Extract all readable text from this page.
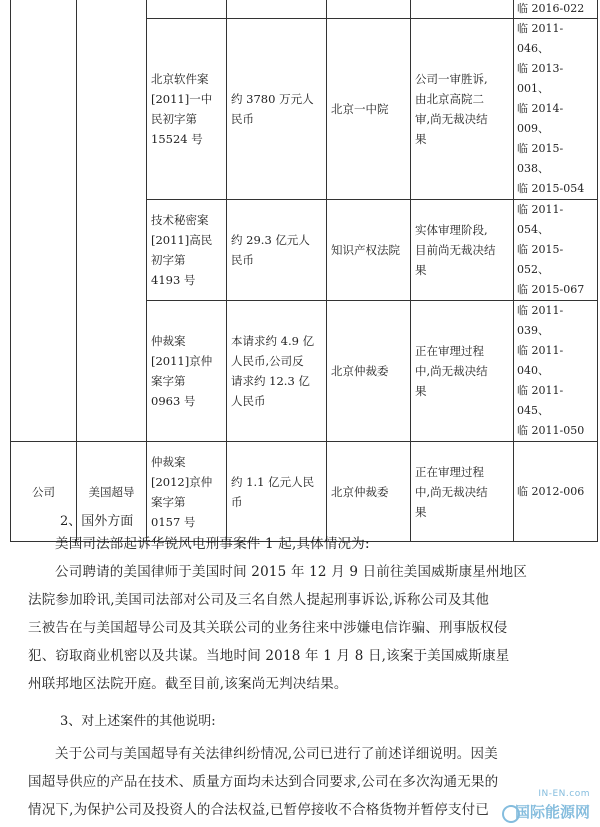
						临 2016-022

		北京软件案
[2011]一中
民初字第
15524 号	约 3780 万元人
民币	北京一中院	公司一审胜诉,
由北京高院二
审,尚无裁决结
果	临 2011-046、
临 2013-001、
临 2014-009、
临 2015-038、
临 2015-054

		技术秘密案
[2011]高民
初字第
4193 号	约 29.3 亿元人
民币	知识产权法院	实体审理阶段,
目前尚无裁决结
果	临 2011-054、
临 2015-052、
临 2015-067

		仲裁案
[2011]京仲
案字第
0963 号	本请求约 4.9 亿
人民币,公司反
请求约 12.3 亿
人民币	北京仲裁委	正在审理过程
中,尚无裁决结
果	临 2011-039、
临 2011-040、
临 2011-045、
临 2011-050

公司	美国超导	仲裁案
[2012]京仲
案字第
0157 号	约 1.1 亿元人民
币	北京仲裁委	正在审理过程
中,尚无裁决结
果	临 2012-006
2、国外方面
美国司法部起诉华锐风电刑事案件 1 起,具体情况为:
公司聘请的美国律师于美国时间 2015 年 12 月 9 日前往美国威斯康星州地区
法院参加聆讯,美国司法部对公司及三名自然人提起刑事诉讼,诉称公司及其他
三被告在与美国超导公司及其关联公司的业务往来中涉嫌电信诈骗、刑事版权侵
犯、窃取商业机密以及共谋。当地时间 2018 年 1 月 8 日,该案于美国威斯康星
州联邦地区法院开庭。截至目前,该案尚无判决结果。
3、对上述案件的其他说明:
关于公司与美国超导有关法律纠纷情况,公司已进行了前述详细说明。因美
国超导供应的产品在技术、质量方面均未达到合同要求,公司在多次沟通无果的
情况下,为保护公司及投资人的合法权益,已暂停接收不合格货物并暂停支付已
IN-EN.com
国际能源网
